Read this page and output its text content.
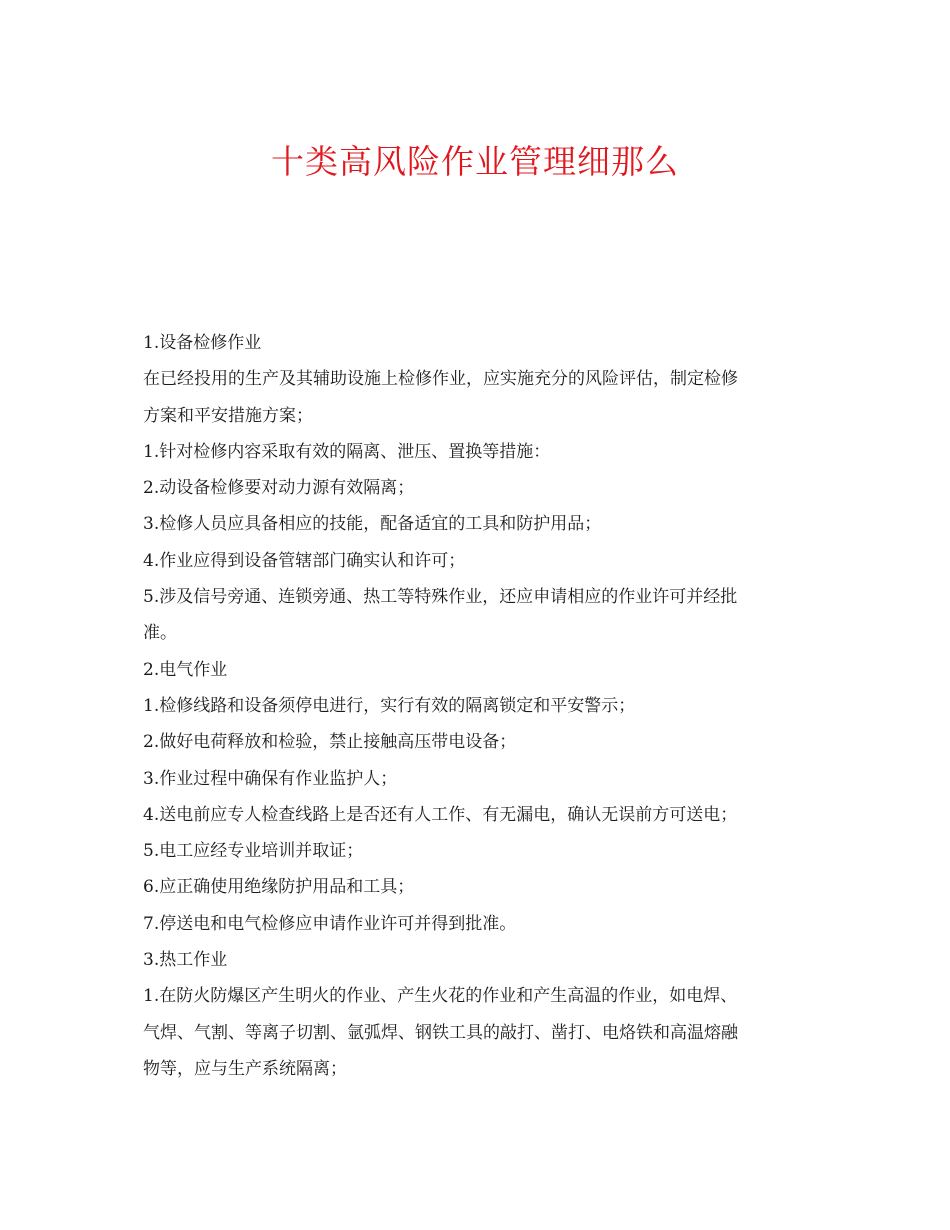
十类高风险作业管理细那么
1.设备检修作业
在已经投用的生产及其辅助设施上检修作业，应实施充分的风险评估，制定检修
方案和平安措施方案；
1.针对检修内容采取有效的隔离、泄压、置换等措施：
2.动设备检修要对动力源有效隔离；
3.检修人员应具备相应的技能，配备适宜的工具和防护用品；
4.作业应得到设备管辖部门确实认和许可；
5.涉及信号旁通、连锁旁通、热工等特殊作业，还应申请相应的作业许可并经批
准。
2.电气作业
1.检修线路和设备须停电进行，实行有效的隔离锁定和平安警示；
2.做好电荷释放和检验，禁止接触高压带电设备；
3.作业过程中确保有作业监护人；
4.送电前应专人检查线路上是否还有人工作、有无漏电，确认无误前方可送电；
5.电工应经专业培训并取证；
6.应正确使用绝缘防护用品和工具；
7.停送电和电气检修应申请作业许可并得到批准。
3.热工作业
1.在防火防爆区产生明火的作业、产生火花的作业和产生高温的作业，如电焊、
气焊、气割、等离子切割、氩弧焊、钢铁工具的敲打、凿打、电烙铁和高温熔融
物等，应与生产系统隔离；
